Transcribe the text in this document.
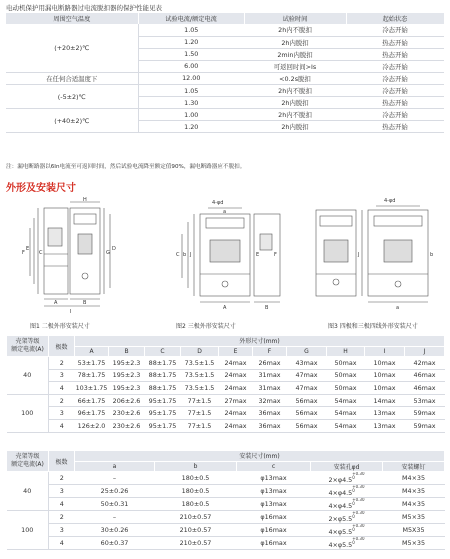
电动机保护用漏电断路器过电流脱扣器的保护性能见表
周围空气温度	试验电流/额定电流	试验时间	起始状态
(+20±2)℃	1.05	2h内不脱扣	冷态开始
	1.20	2h内脱扣	热态开始
	1.50	2min内脱扣	热态开始
	6.00	可返回时间>Is	冷态开始
在任何合适温度下	12.00	<0.2s脱扣	冷态开始
(-5±2)℃	1.05	2h内不脱扣	冷态开始
	1.30	2h内脱扣	热态开始
(+40±2)℃	1.00	2h内不脱扣	冷态开始
	1.20	2h内脱扣	热态开始
注：漏电断路器以6In电流至可返回时间，然后试验电流降至额定值90%，漏电断路器应不脱扣。
外形及安装尺寸
C
E
F
A	B
G
D
H
I
图1 二极外形安装尺寸
4-φd
J
a
b
C	E	F
A	B
图2 三极外形安装尺寸
4-φd
J
a
b
图3 四极和三极四线外形安装尺寸
壳架等级
额定电流(A)	极数	外形尺寸(mm)									
		A	B	C	D	E	F	G	H	I	J
40	2	53±1.75	195±2.3	88±1.75	73.5±1.5	24max	26max	43max	50max	10max	42max
	3	78±1.75	195±2.3	88±1.75	73.5±1.5	24max	31max	47max	50max	10max	46max
	4	103±1.75	195±2.3	88±1.75	73.5±1.5	24max	31max	47max	50max	10max	46max
100	2	66±1.75	206±2.6	95±1.75	77±1.5	27max	32max	56max	54max	14max	53max
	3	96±1.75	230±2.6	95±1.75	77±1.5	24max	36max	56max	54max	13max	59max
	4	126±2.0	230±2.6	95±1.75	77±1.5	24max	36max	56max	54max	13max	59max
壳架等级
额定电流(A)	极数	安装尺寸(mm)				
		a	b	c	安装孔φd	安装螺钉
40	2	–	180±0.5	φ13max	$2\times\varphi 4.5^{+0.30 0}$	M4×35
	3	25±0.26	180±0.5	φ13max	$4\times\varphi 4.5^{+0.30 0}$	M4×35
	4	50±0.31	180±0.5	φ13max	$4\times\varphi 4.5^{+0.30 0}$	M4×35
100	2	–	210±0.57	φ16max	$2\times\varphi 5.5^{+0.30 0}$	M5×35
	3	30±0.26	210±0.57	φ16max	$4\times\varphi 5.5^{+0.30 0}$	M5X35
	4	60±0.37	210±0.57	φ16max	$4\times\varphi 5.5^{+0.30 0}$	M5×35
